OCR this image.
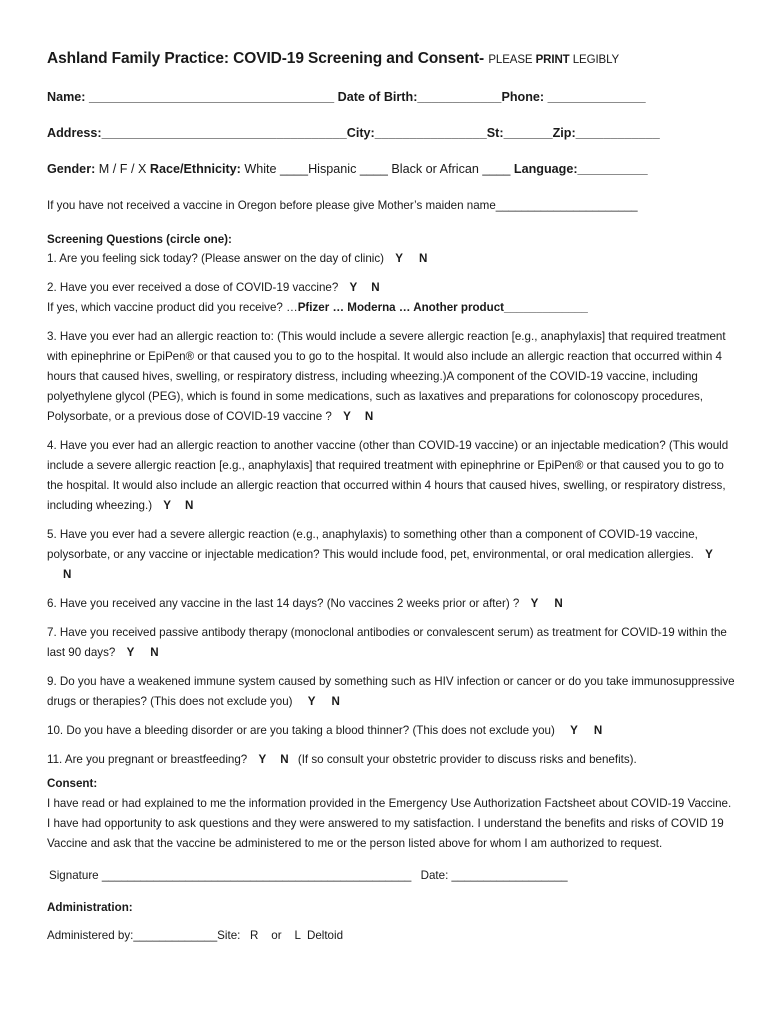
Ashland Family Practice: COVID-19 Screening and Consent- PLEASE PRINT LEGIBLY
Name: ___________________________________ Date of Birth:____________Phone: ______________
Address:___________________________________City:________________St:_______Zip:____________
Gender: M / F / X Race/Ethnicity: White ____Hispanic ____ Black or African ____ Language:__________
If you have not received a vaccine in Oregon before please give Mother’s maiden name______________________
Screening Questions (circle one):
1. Are you feeling sick today? (Please answer on the day of clinic) Y N
2. Have you ever received a dose of COVID-19 vaccine? Y N
If yes, which vaccine product did you receive? …Pfizer … Moderna … Another product_____________
3. Have you ever had an allergic reaction to: (This would include a severe allergic reaction [e.g., anaphylaxis] that required treatment with epinephrine or EpiPen® or that caused you to go to the hospital. It would also include an allergic reaction that occurred within 4 hours that caused hives, swelling, or respiratory distress, including wheezing.)A component of the COVID-19 vaccine, including polyethylene glycol (PEG), which is found in some medications, such as laxatives and preparations for colonoscopy procedures, Polysorbate, or a previous dose of COVID-19 vaccine ? Y N
4. Have you ever had an allergic reaction to another vaccine (other than COVID-19 vaccine) or an injectable medication? (This would include a severe allergic reaction [e.g., anaphylaxis] that required treatment with epinephrine or EpiPen® or that caused you to go to the hospital. It would also include an allergic reaction that occurred within 4 hours that caused hives, swelling, or respiratory distress, including wheezing.) Y N
5. Have you ever had a severe allergic reaction (e.g., anaphylaxis) to something other than a component of COVID-19 vaccine, polysorbate, or any vaccine or injectable medication? This would include food, pet, environmental, or oral medication allergies. YN
6. Have you received any vaccine in the last 14 days? (No vaccines 2 weeks prior or after) ? Y N
7. Have you received passive antibody therapy (monoclonal antibodies or convalescent serum) as treatment for COVID-19 within the last 90 days? Y N
9. Do you have a weakened immune system caused by something such as HIV infection or cancer or do you take immunosuppressive drugs or therapies? (This does not exclude you) Y N
10. Do you have a bleeding disorder or are you taking a blood thinner? (This does not exclude you) Y N
11. Are you pregnant or breastfeeding? Y N (If so consult your obstetric provider to discuss risks and benefits).
Consent:
I have read or had explained to me the information provided in the Emergency Use Authorization Factsheet about COVID-19 Vaccine. I have had opportunity to ask questions and they were answered to my satisfaction. I understand the benefits and risks of COVID 19 Vaccine and ask that the vaccine be administered to me or the person listed above for whom I am authorized to request.
Signature ________________________________________________ Date: __________________
Administration:
Administered by:_____________Site:   R    or    L  Deltoid
